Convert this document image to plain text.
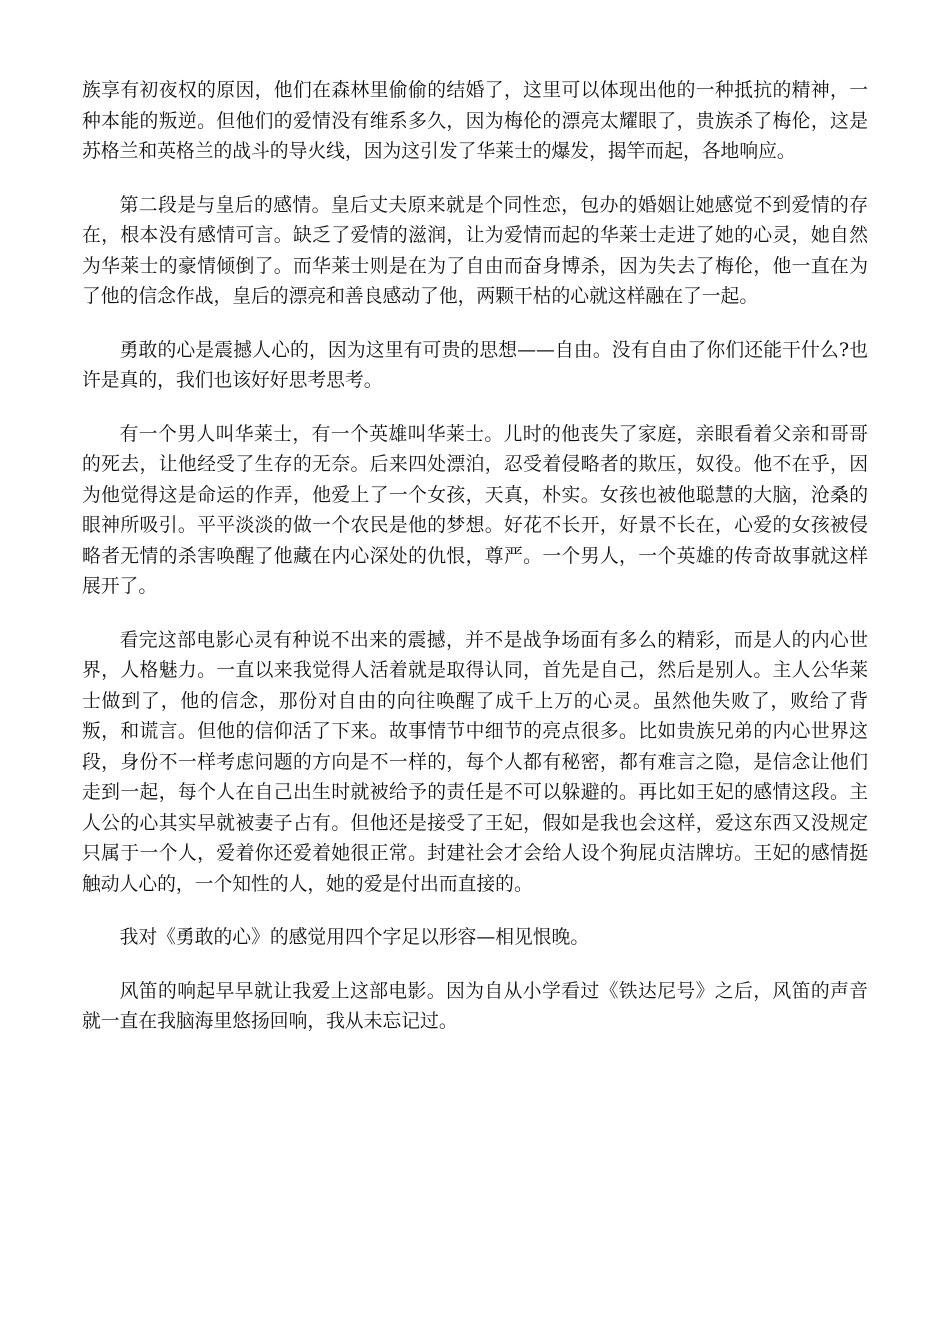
族享有初夜权的原因，他们在森林里偷偷的结婚了，这里可以体现出他的一种抵抗的精神，一种本能的叛逆。但他们的爱情没有维系多久，因为梅伦的漂亮太耀眼了，贵族杀了梅伦，这是苏格兰和英格兰的战斗的导火线，因为这引发了华莱士的爆发，揭竿而起，各地响应。

第二段是与皇后的感情。皇后丈夫原来就是个同性恋，包办的婚姻让她感觉不到爱情的存在，根本没有感情可言。缺乏了爱情的滋润，让为爱情而起的华莱士走进了她的心灵，她自然为华莱士的豪情倾倒了。而华莱士则是在为了自由而奋身博杀，因为失去了梅伦，他一直在为了他的信念作战，皇后的漂亮和善良感动了他，两颗干枯的心就这样融在了一起。

勇敢的心是震撼人心的，因为这里有可贵的思想——自由。没有自由了你们还能干什么?也许是真的，我们也该好好思考思考。

有一个男人叫华莱士，有一个英雄叫华莱士。儿时的他丧失了家庭，亲眼看着父亲和哥哥的死去，让他经受了生存的无奈。后来四处漂泊，忍受着侵略者的欺压，奴役。他不在乎，因为他觉得这是命运的作弄，他爱上了一个女孩，天真，朴实。女孩也被他聪慧的大脑，沧桑的眼神所吸引。平平淡淡的做一个农民是他的梦想。好花不长开，好景不长在，心爱的女孩被侵略者无情的杀害唤醒了他藏在内心深处的仇恨，尊严。一个男人，一个英雄的传奇故事就这样展开了。

看完这部电影心灵有种说不出来的震撼，并不是战争场面有多么的精彩，而是人的内心世界，人格魅力。一直以来我觉得人活着就是取得认同，首先是自己，然后是别人。主人公华莱士做到了，他的信念，那份对自由的向往唤醒了成千上万的心灵。虽然他失败了，败给了背叛，和谎言。但他的信仰活了下来。故事情节中细节的亮点很多。比如贵族兄弟的内心世界这段，身份不一样考虑问题的方向是不一样的，每个人都有秘密，都有难言之隐，是信念让他们走到一起，每个人在自己出生时就被给予的责任是不可以躲避的。再比如王妃的感情这段。主人公的心其实早就被妻子占有。但他还是接受了王妃，假如是我也会这样，爱这东西又没规定只属于一个人，爱着你还爱着她很正常。封建社会才会给人设个狗屁贞洁牌坊。王妃的感情挺触动人心的，一个知性的人，她的爱是付出而直接的。

我对《勇敢的心》的感觉用四个字足以形容—相见恨晚。

风笛的响起早早就让我爱上这部电影。因为自从小学看过《铁达尼号》之后，风笛的声音就一直在我脑海里悠扬回响，我从未忘记过。
